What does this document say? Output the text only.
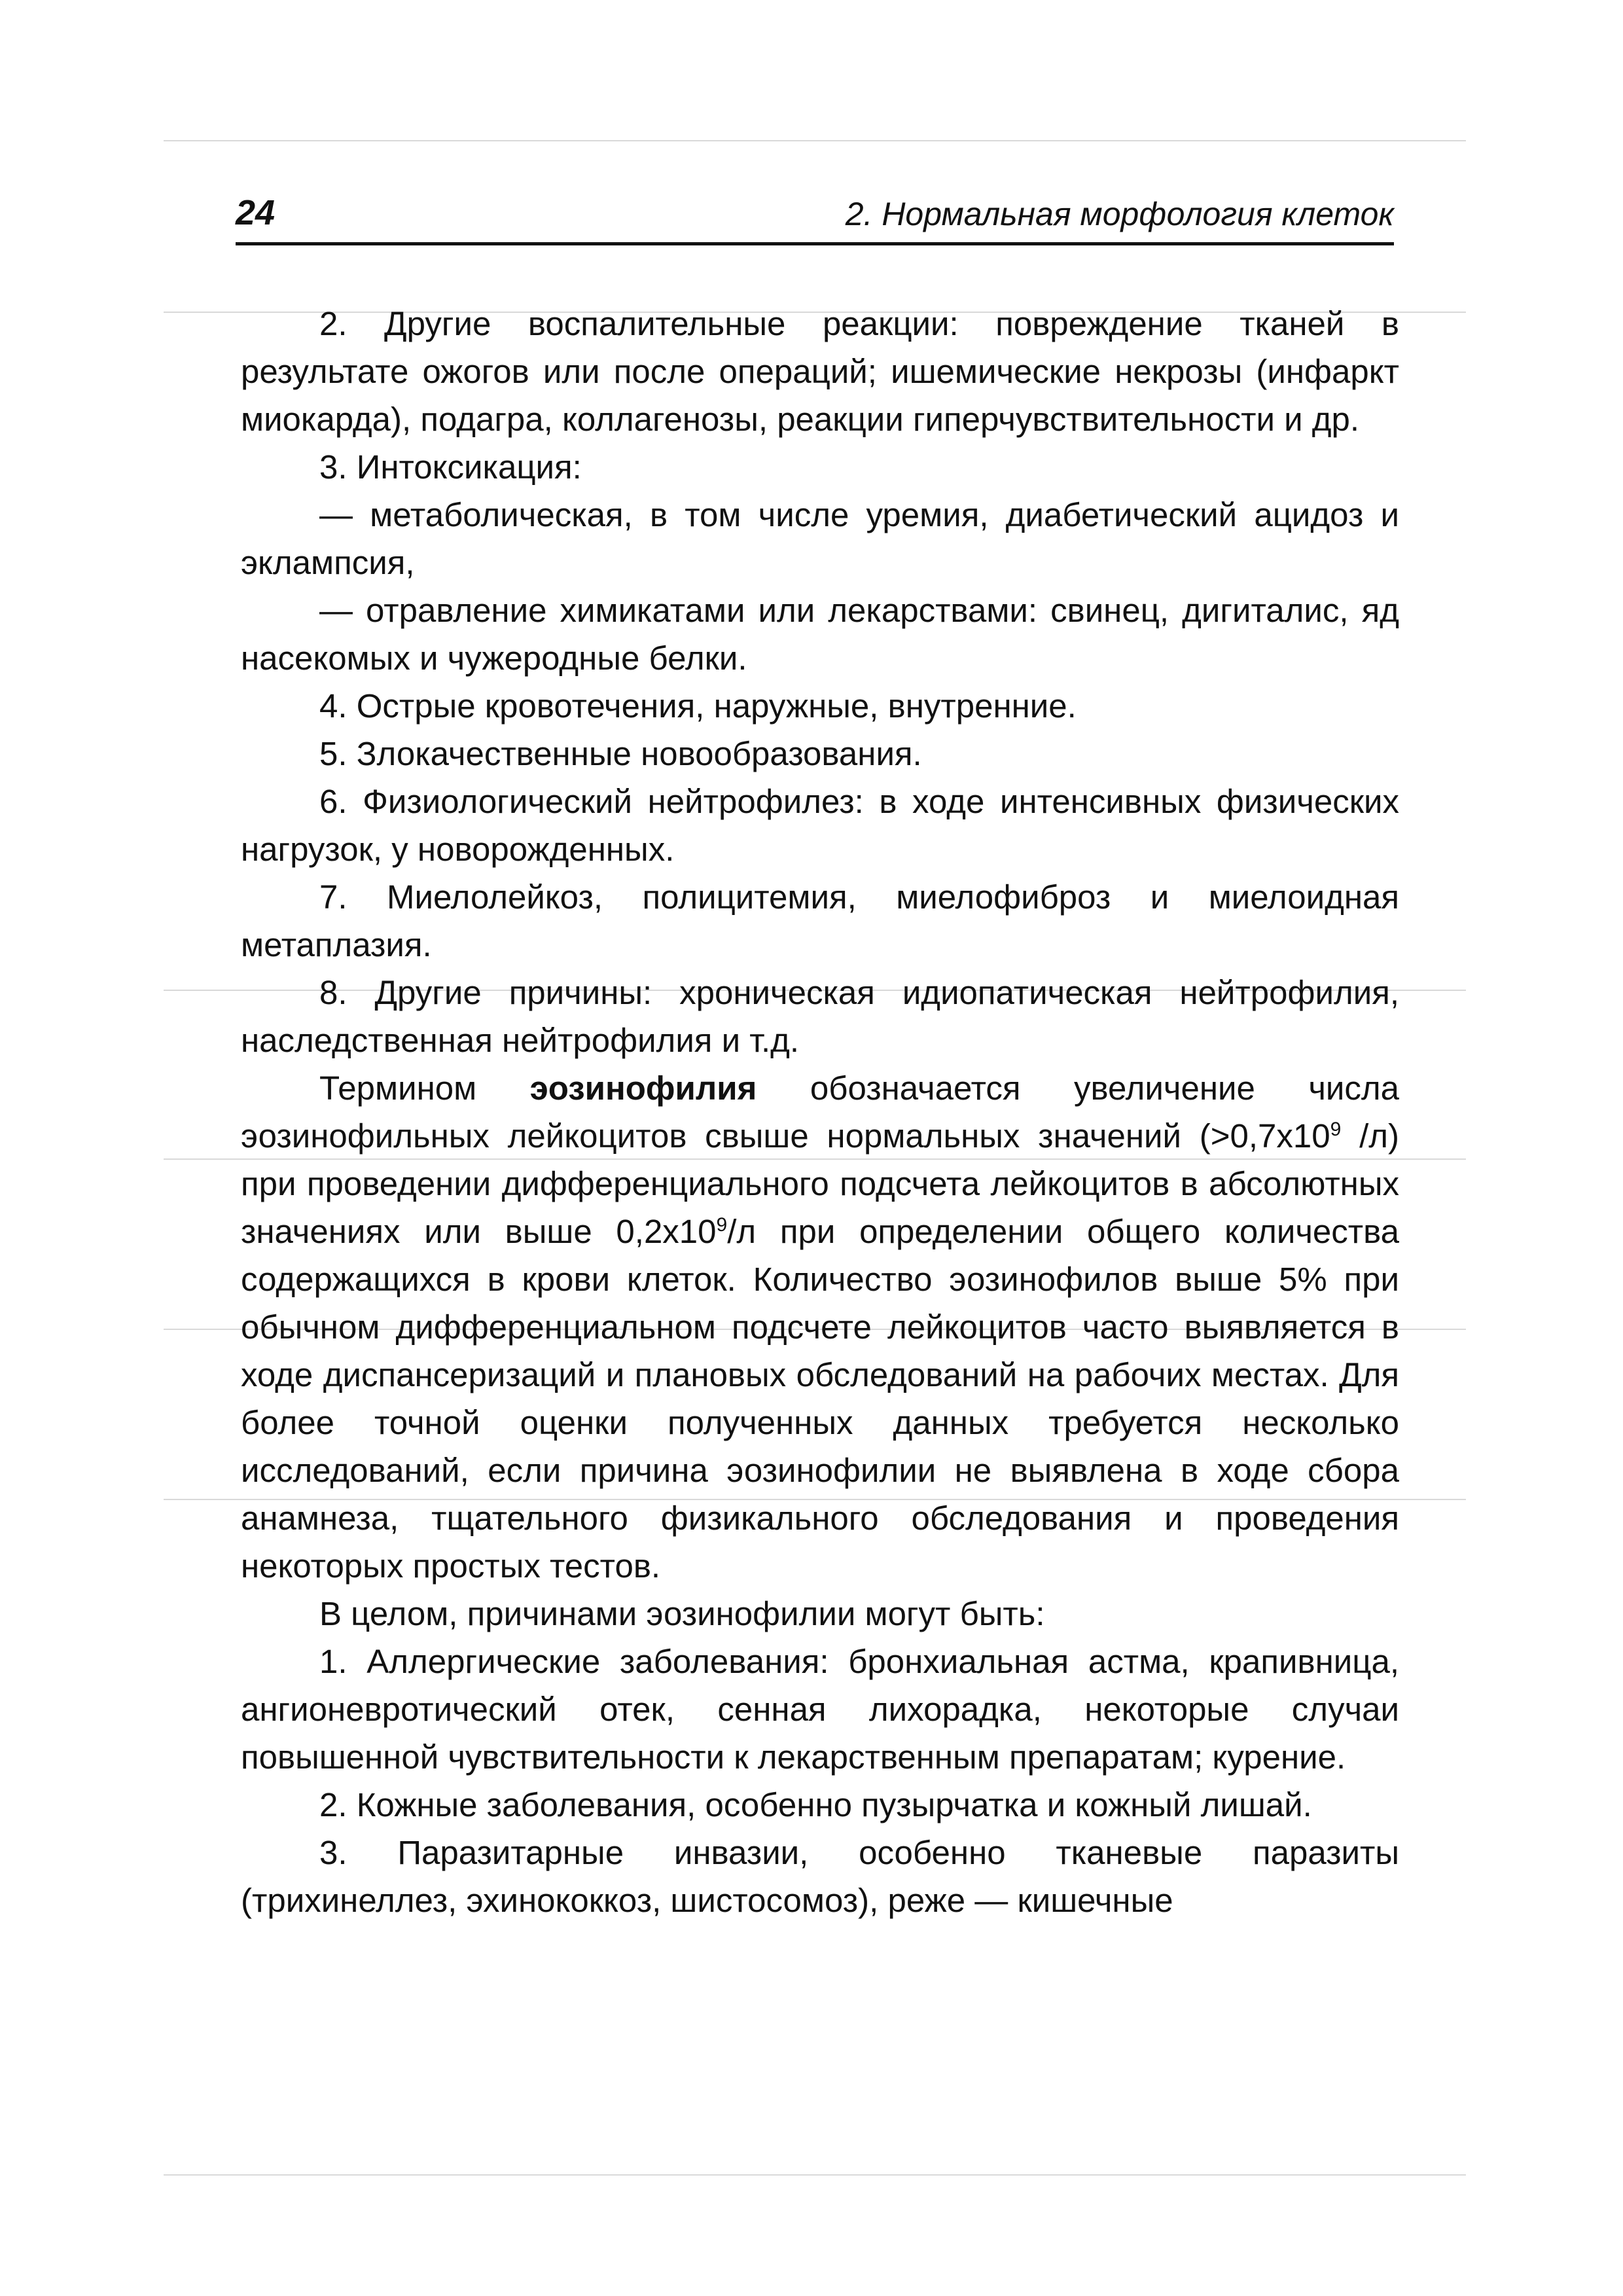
24	2. Нормальная морфология клеток

2. Другие воспалительные реакции: повреждение тканей в результате ожогов или после операций; ишемические некрозы (инфаркт миокарда), подагра, коллагенозы, реакции гиперчувствительности и др.

3. Интоксикация:

— метаболическая, в том числе уремия, диабетический ацидоз и эклампсия,

— отравление химикатами или лекарствами: свинец, дигиталис, яд насекомых и чужеродные белки.

4. Острые кровотечения, наружные, внутренние.

5. Злокачественные новообразования.

6. Физиологический нейтрофилез: в ходе интенсивных физических нагрузок, у новорожденных.

7. Миелолейкоз, полицитемия, миелофиброз и миелоидная метаплазия.

8. Другие причины: хроническая идиопатическая нейтрофилия, наследственная нейтрофилия и т.д.

Термином эозинофилия обозначается увеличение числа эозинофильных лейкоцитов свыше нормальных значений ($>0,7x10^9$ /л) при проведении дифференциального подсчета лейкоцитов в абсолютных значениях или выше $0,2x10^9/л$ при определении общего количества содержащихся в крови клеток. Количество эозинофилов выше 5% при обычном дифференциальном подсчете лейкоцитов часто выявляется в ходе диспансеризаций и плановых обследований на рабочих местах. Для более точной оценки полученных данных требуется несколько исследований, если причина эозинофилии не выявлена в ходе сбора анамнеза, тщательного физикального обследования и проведения некоторых простых тестов.

В целом, причинами эозинофилии могут быть:

1. Аллергические заболевания: бронхиальная астма, крапивница, ангионевротический отек, сенная лихорадка, некоторые случаи повышенной чувствительности к лекарственным препаратам; курение.

2. Кожные заболевания, особенно пузырчатка и кожный лишай.

3. Паразитарные инвазии, особенно тканевые паразиты (трихинеллез, эхинококкоз, шистосомоз), реже — кишечные
